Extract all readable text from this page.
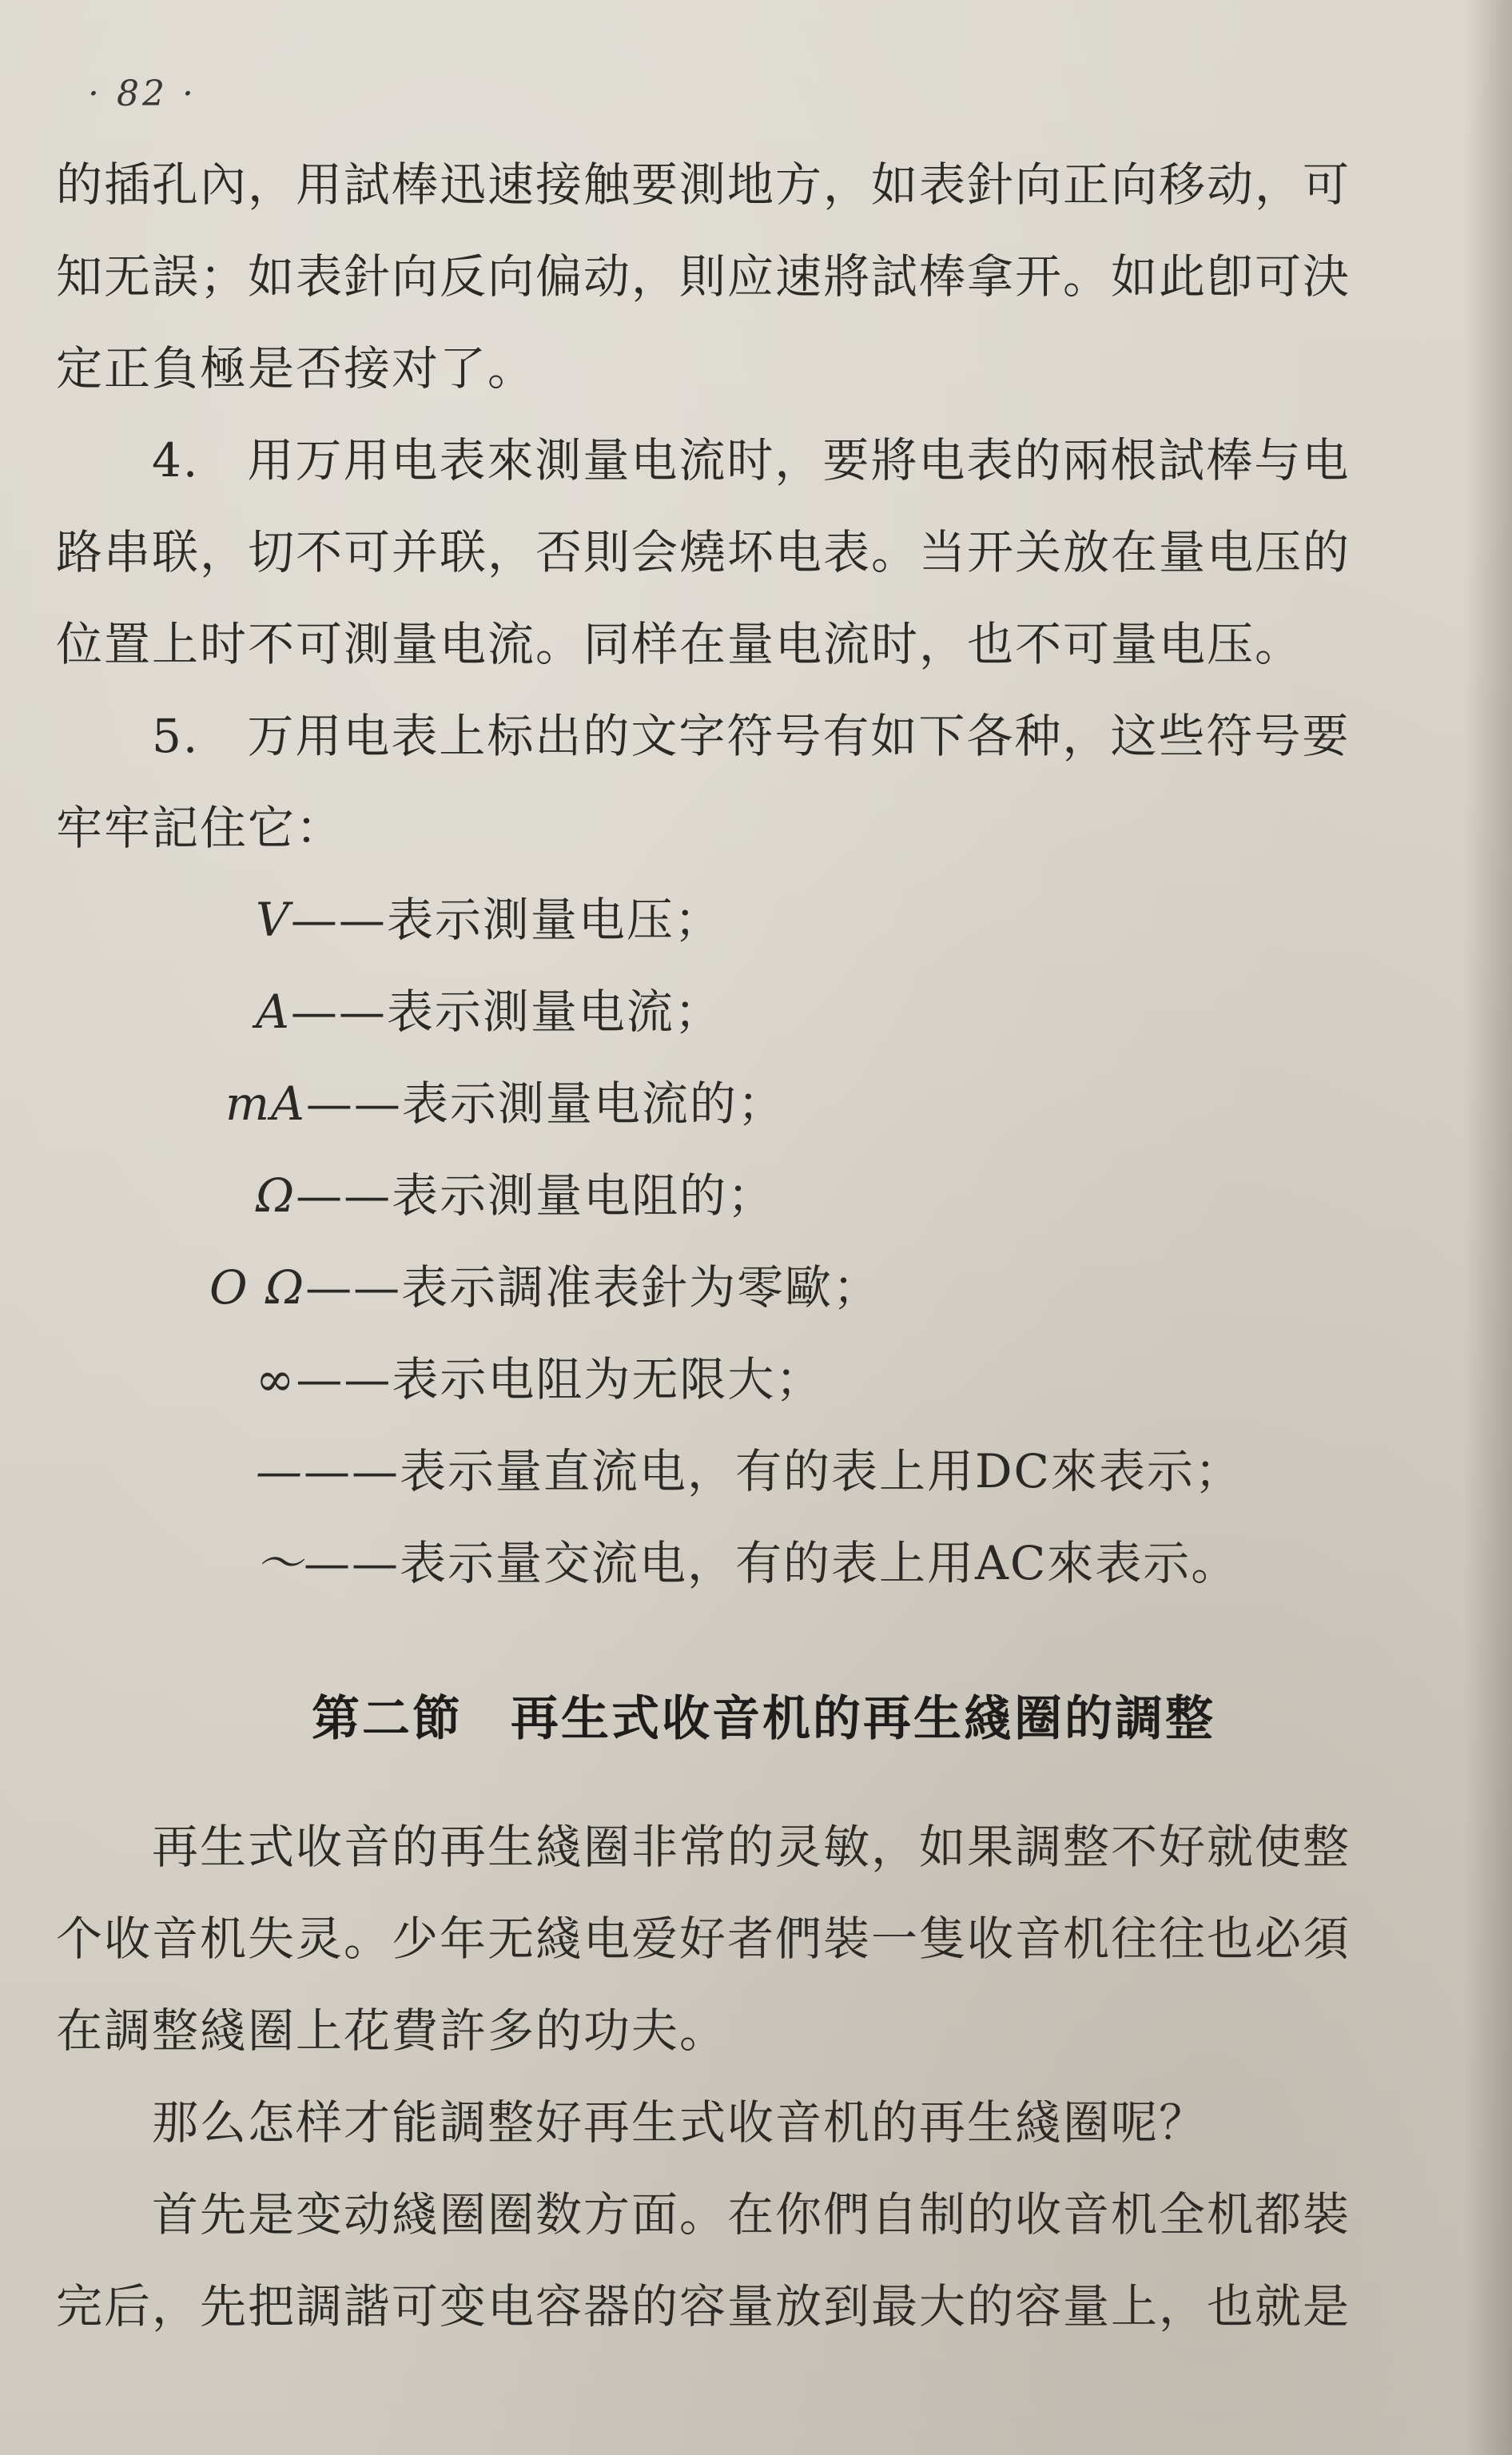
· 82 ·
的插孔內，用試棒迅速接触要測地方，如表針向正向移动，可
知无誤；如表針向反向偏动，則应速將試棒拿开。如此卽可決
定正負極是否接对了。
4.　用万用电表來測量电流时，要將电表的兩根試棒与电
路串联，切不可并联，否則会燒坏电表。当开关放在量电压的
位置上时不可測量电流。同样在量电流时，也不可量电压。
5.　万用电表上标出的文字符号有如下各种，这些符号要
牢牢記住它：
V——表示測量电压；
A——表示測量电流；
mA——表示測量电流的；
Ω——表示測量电阻的；
O Ω——表示調准表針为零歐；
∞——表示电阻为无限大；
———表示量直流电，有的表上用DC來表示；
～——表示量交流电，有的表上用AC來表示。
第二節 再生式收音机的再生綫圈的調整
再生式收音的再生綫圈非常的灵敏，如果調整不好就使整
个收音机失灵。少年无綫电爱好者們裝一隻收音机往往也必須
在調整綫圈上花費許多的功夫。
那么怎样才能調整好再生式收音机的再生綫圈呢？
首先是变动綫圈圈数方面。在你們自制的收音机全机都裝
完后，先把調諧可变电容器的容量放到最大的容量上，也就是
